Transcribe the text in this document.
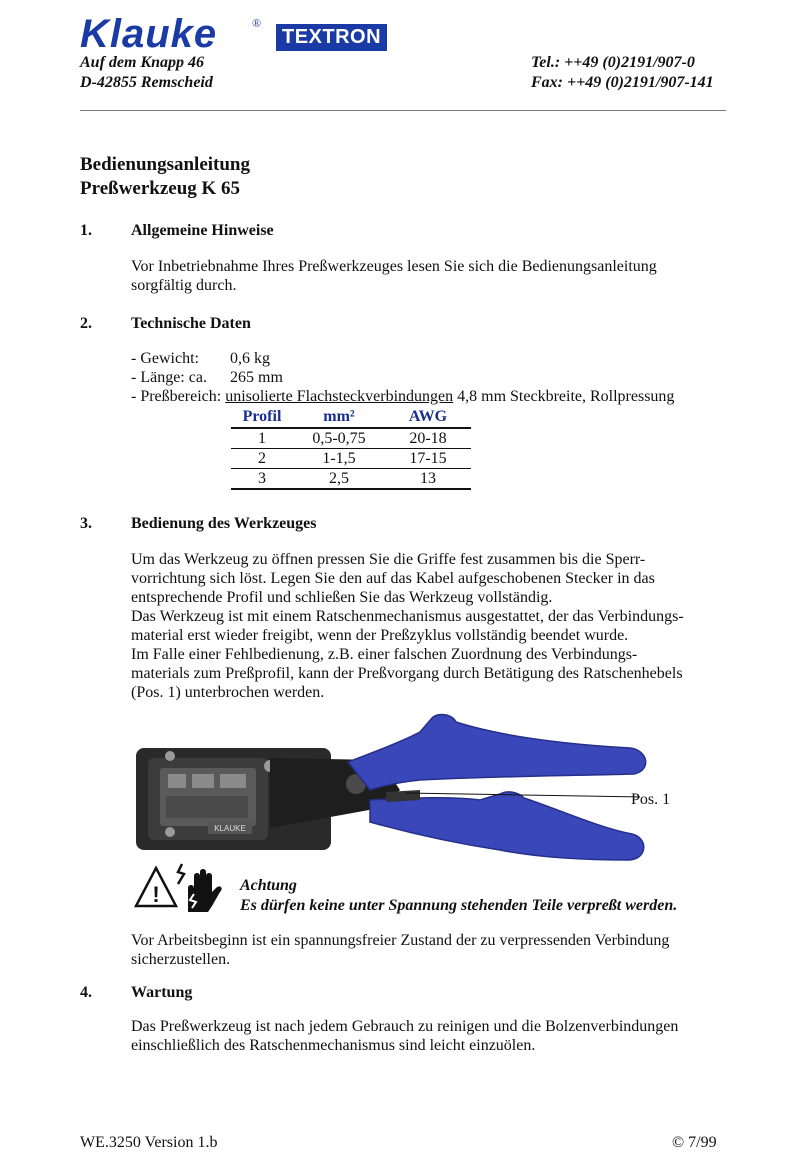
Klauke	®
TEXTRON
Auf dem Knapp 46
D-42855 Remscheid
Tel.: ++49 (0)2191/907-0
Fax: ++49 (0)2191/907-141
Bedienungsanleitung
Preßwerkzeug K 65
1. Allgemeine Hinweise
Vor Inbetriebnahme Ihres Preßwerkzeuges lesen Sie sich die Bedienungsanleitung
sorgfältig durch.
2. Technische Daten
- Gewicht: 0,6 kg
- Länge: ca. 265 mm
- Preßbereich: unisolierte Flachsteckverbindungen 4,8 mm Steckbreite, Rollpressung
Profil	mm²	AWG
1	0,5-0,75	20-18
2	1-1,5	17-15
3	2,5	13
3. Bedienung des Werkzeuges
Um das Werkzeug zu öffnen pressen Sie die Griffe fest zusammen bis die Sperr-
vorrichtung sich löst. Legen Sie den auf das Kabel aufgeschobenen Stecker in das
entsprechende Profil und schließen Sie das Werkzeug vollständig.
Das Werkzeug ist mit einem Ratschenmechanismus ausgestattet, der das Verbindungs-
material erst wieder freigibt, wenn der Preßzyklus vollständig beendet wurde.
Im Falle einer Fehlbedienung, z.B. einer falschen Zuordnung des Verbindungs-
materials zum Preßprofil, kann der Preßvorgang durch Betätigung des Ratschenhebels
(Pos. 1) unterbrochen werden.
KLAUKE
Pos. 1
!	Achtung
Es dürfen keine unter Spannung stehenden Teile verpreßt werden.
Vor Arbeitsbeginn ist ein spannungsfreier Zustand der zu verpressenden Verbindung
sicherzustellen.
4. Wartung
Das Preßwerkzeug ist nach jedem Gebrauch zu reinigen und die Bolzenverbindungen
einschließlich des Ratschenmechanismus sind leicht einzuölen.
WE.3250 Version 1.b	© 7/99
